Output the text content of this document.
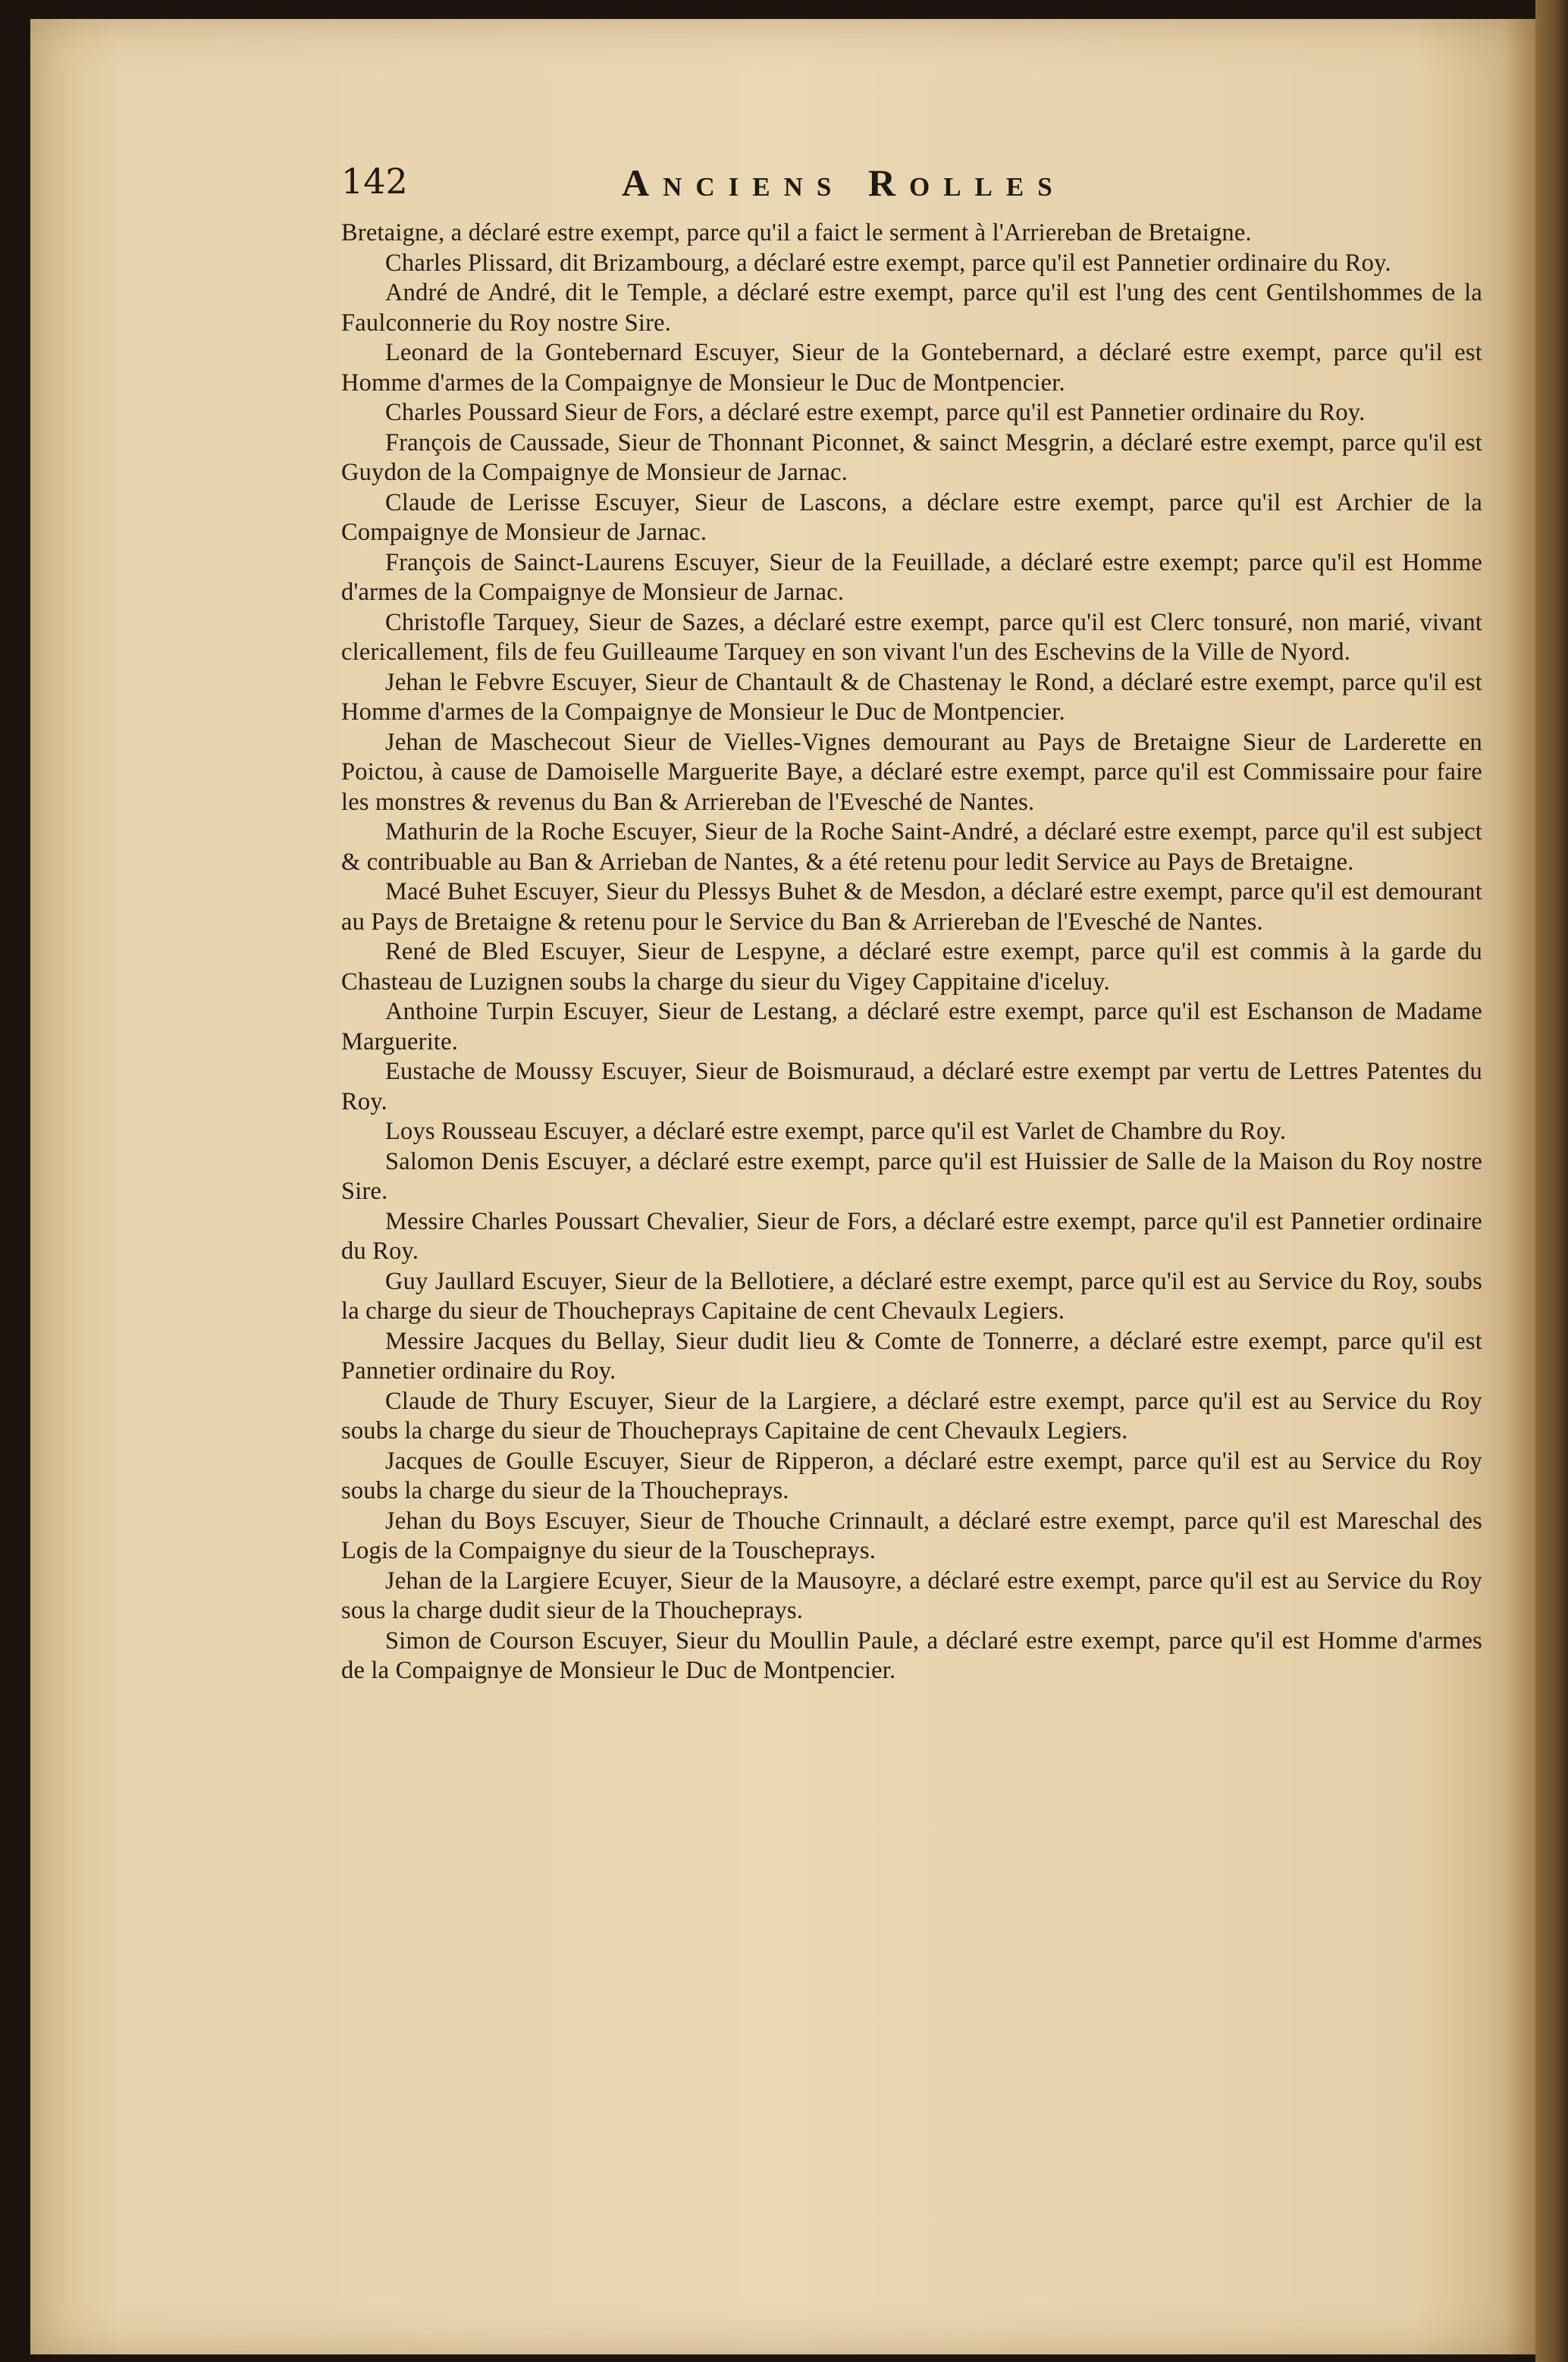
142	Anciens Rolles

Bretaigne, a déclaré estre exempt, parce qu'il a faict le serment à l'Arriereban de Bretaigne.

Charles Plissard, dit Brizambourg, a déclaré estre exempt, parce qu'il est Pannetier ordinaire du Roy.

André de André, dit le Temple, a déclaré estre exempt, parce qu'il est l'ung des cent Gentilshommes de la Faulconnerie du Roy nostre Sire.

Leonard de la Gontebernard Escuyer, Sieur de la Gontebernard, a déclaré estre exempt, parce qu'il est Homme d'armes de la Compaignye de Monsieur le Duc de Montpencier.

Charles Poussard Sieur de Fors, a déclaré estre exempt, parce qu'il est Pannetier ordinaire du Roy.

François de Caussade, Sieur de Thonnant Piconnet, & sainct Mesgrin, a déclaré estre exempt, parce qu'il est Guydon de la Compaignye de Monsieur de Jarnac.

Claude de Lerisse Escuyer, Sieur de Lascons, a déclare estre exempt, parce qu'il est Archier de la Compaignye de Monsieur de Jarnac.

François de Sainct-Laurens Escuyer, Sieur de la Feuillade, a déclaré estre exempt; parce qu'il est Homme d'armes de la Compaignye de Monsieur de Jarnac.

Christofle Tarquey, Sieur de Sazes, a déclaré estre exempt, parce qu'il est Clerc tonsuré, non marié, vivant clericallement, fils de feu Guilleaume Tarquey en son vivant l'un des Eschevins de la Ville de Nyord.

Jehan le Febvre Escuyer, Sieur de Chantault & de Chastenay le Rond, a déclaré estre exempt, parce qu'il est Homme d'armes de la Compaignye de Monsieur le Duc de Montpencier.

Jehan de Maschecout Sieur de Vielles-Vignes demourant au Pays de Bretaigne Sieur de Larderette en Poictou, à cause de Damoiselle Marguerite Baye, a déclaré estre exempt, parce qu'il est Commissaire pour faire les monstres & revenus du Ban & Arriereban de l'Evesché de Nantes.

Mathurin de la Roche Escuyer, Sieur de la Roche Saint-André, a déclaré estre exempt, parce qu'il est subject & contribuable au Ban & Arrieban de Nantes, & a été retenu pour ledit Service au Pays de Bretaigne.

Macé Buhet Escuyer, Sieur du Plessys Buhet & de Mesdon, a déclaré estre exempt, parce qu'il est demourant au Pays de Bretaigne & retenu pour le Service du Ban & Arriereban de l'Evesché de Nantes.

René de Bled Escuyer, Sieur de Lespyne, a déclaré estre exempt, parce qu'il est commis à la garde du Chasteau de Luzignen soubs la charge du sieur du Vigey Cappitaine d'iceluy.

Anthoine Turpin Escuyer, Sieur de Lestang, a déclaré estre exempt, parce qu'il est Eschanson de Madame Marguerite.

Eustache de Moussy Escuyer, Sieur de Boismuraud, a déclaré estre exempt par vertu de Lettres Patentes du Roy.

Loys Rousseau Escuyer, a déclaré estre exempt, parce qu'il est Varlet de Chambre du Roy.

Salomon Denis Escuyer, a déclaré estre exempt, parce qu'il est Huissier de Salle de la Maison du Roy nostre Sire.

Messire Charles Poussart Chevalier, Sieur de Fors, a déclaré estre exempt, parce qu'il est Pannetier ordinaire du Roy.

Guy Jaullard Escuyer, Sieur de la Bellotiere, a déclaré estre exempt, parce qu'il est au Service du Roy, soubs la charge du sieur de Thoucheprays Capitaine de cent Chevaulx Legiers.

Messire Jacques du Bellay, Sieur dudit lieu & Comte de Tonnerre, a déclaré estre exempt, parce qu'il est Pannetier ordinaire du Roy.

Claude de Thury Escuyer, Sieur de la Largiere, a déclaré estre exempt, parce qu'il est au Service du Roy soubs la charge du sieur de Thoucheprays Capitaine de cent Chevaulx Legiers.

Jacques de Goulle Escuyer, Sieur de Ripperon, a déclaré estre exempt, parce qu'il est au Service du Roy soubs la charge du sieur de la Thoucheprays.

Jehan du Boys Escuyer, Sieur de Thouche Crinnault, a déclaré estre exempt, parce qu'il est Mareschal des Logis de la Compaignye du sieur de la Touscheprays.

Jehan de la Largiere Ecuyer, Sieur de la Mausoyre, a déclaré estre exempt, parce qu'il est au Service du Roy sous la charge dudit sieur de la Thoucheprays.

Simon de Courson Escuyer, Sieur du Moullin Paule, a déclaré estre exempt, parce qu'il est Homme d'armes de la Compaignye de Monsieur le Duc de Montpencier.
